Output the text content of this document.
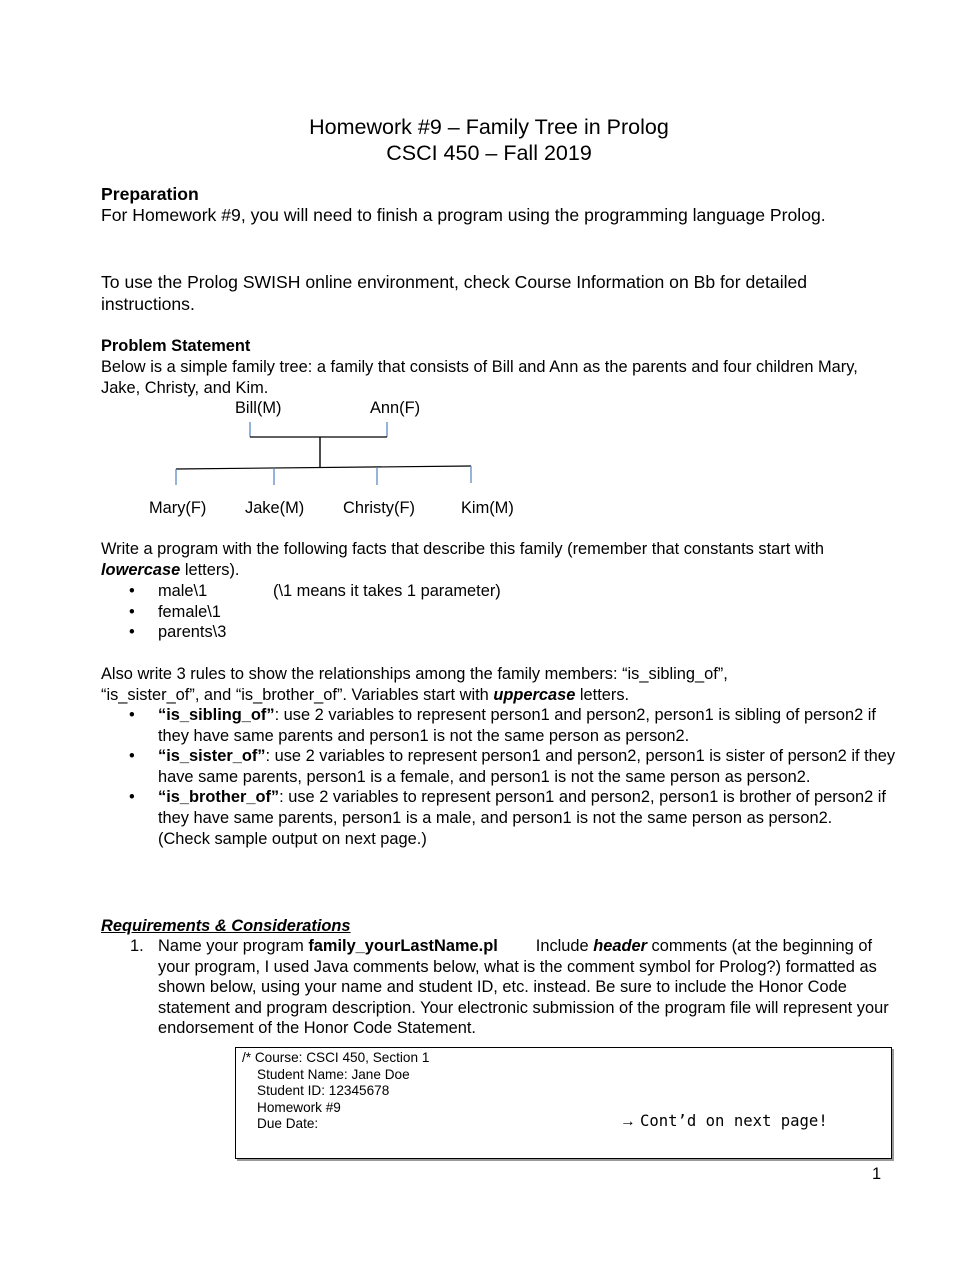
Homework #9 – Family Tree in Prolog
CSCI 450 – Fall 2019
Preparation
For Homework #9, you will need to finish a program using the programming language Prolog.
To use the Prolog SWISH online environment, check Course Information on Bb for detailed instructions.
Problem Statement
Below is a simple family tree: a family that consists of Bill and Ann as the parents and four children Mary, Jake, Christy, and Kim.
Bill(M)	Ann(F)
Mary(F) Jake(M) Christy(F)	Kim(M)
Write a program with the following facts that describe this family (remember that constants start with lowercase letters).
• male\1	(\1 means it takes 1 parameter)
• female\1
• parents\3
Also write 3 rules to show the relationships among the family members: “is_sibling_of”, “is_sister_of”, and “is_brother_of”. Variables start with uppercase letters.
• “is_sibling_of”: use 2 variables to represent person1 and person2, person1 is sibling of person2 if they have same parents and person1 is not the same person as person2.
• “is_sister_of”: use 2 variables to represent person1 and person2, person1 is sister of person2 if they have same parents, person1 is a female, and person1 is not the same person as person2.
• “is_brother_of”: use 2 variables to represent person1 and person2, person1 is brother of person2 if they have same parents, person1 is a male, and person1 is not the same person as person2.
(Check sample output on next page.)
Requirements & Considerations
1. Name your program family_yourLastName.pl Include header comments (at the beginning of your program, I used Java comments below, what is the comment symbol for Prolog?) formatted as shown below, using your name and student ID, etc. instead. Be sure to include the Honor Code statement and program description. Your electronic submission of the program file will represent your endorsement of the Honor Code Statement.
/* Course: CSCI 450, Section 1
Student Name: Jane Doe
Student ID: 12345678
Homework #9
Due Date:	→ Cont’d on next page!
1
